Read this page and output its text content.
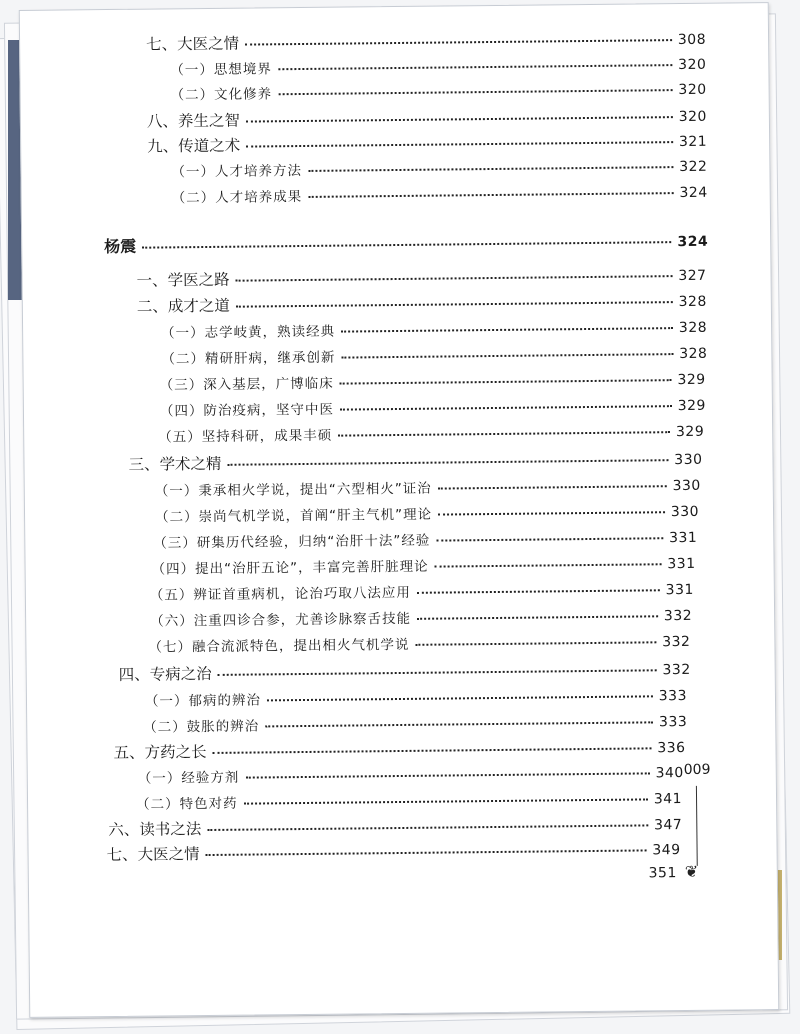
七、大医之情	308
（一）思想境界	320
（二）文化修养	320
八、养生之智	320
九、传道之术	321
（一）人才培养方法	322
（二）人才培养成果	324
杨震	324
一、学医之路	327
二、成才之道	328
（一）志学岐黄，熟读经典	328
（二）精研肝病，继承创新	328
（三）深入基层，广博临床	329
（四）防治疫病，坚守中医	329
（五）坚持科研，成果丰硕	329
三、学术之精	330
（一）秉承相火学说，提出“六型相火”证治	330
（二）崇尚气机学说，首阐“肝主气机”理论	330
（三）研集历代经验，归纳“治肝十法”经验	331
（四）提出“治肝五论”，丰富完善肝脏理论	331
（五）辨证首重病机，论治巧取八法应用	331
（六）注重四诊合参，尤善诊脉察舌技能	332
（七）融合流派特色，提出相火气机学说	332
四、专病之治	332
（一）郁病的辨治	333
（二）鼓胀的辨治	333
五、方药之长	336
（一）经验方剂	340
（二）特色对药	341
六、读书之法	347
七、大医之情	349
351
009
❦
